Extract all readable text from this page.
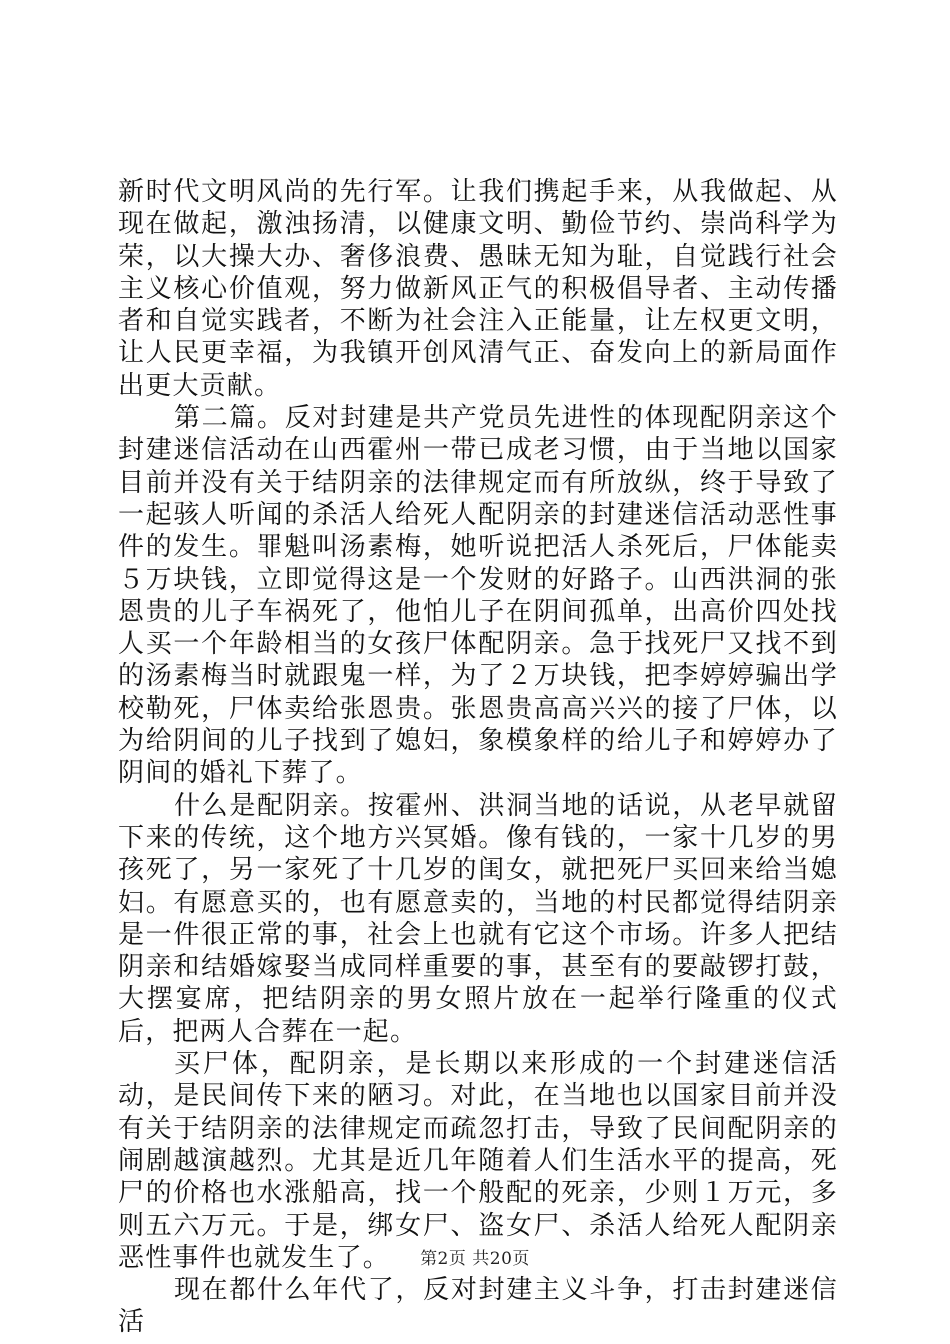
新时代文明风尚的先行军。让我们携起手来，从我做起、从现在做起，激浊扬清，以健康文明、勤俭节约、崇尚科学为荣，以大操大办、奢侈浪费、愚昧无知为耻，自觉践行社会主义核心价值观，努力做新风正气的积极倡导者、主动传播者和自觉实践者，不断为社会注入正能量，让左权更文明，让人民更幸福，为我镇开创风清气正、奋发向上的新局面作出更大贡献。

第二篇。反对封建是共产党员先进性的体现配阴亲这个封建迷信活动在山西霍州一带已成老习惯，由于当地以国家目前并没有关于结阴亲的法律规定而有所放纵，终于导致了一起骇人听闻的杀活人给死人配阴亲的封建迷信活动恶性事件的发生。罪魁叫汤素梅，她听说把活人杀死后，尸体能卖５万块钱，立即觉得这是一个发财的好路子。山西洪洞的张恩贵的儿子车祸死了，他怕儿子在阴间孤单，出高价四处找人买一个年龄相当的女孩尸体配阴亲。急于找死尸又找不到的汤素梅当时就跟鬼一样，为了２万块钱，把李婷婷骗出学校勒死，尸体卖给张恩贵。张恩贵高高兴兴的接了尸体，以为给阴间的儿子找到了媳妇，象模象样的给儿子和婷婷办了阴间的婚礼下葬了。

什么是配阴亲。按霍州、洪洞当地的话说，从老早就留下来的传统，这个地方兴冥婚。像有钱的，一家十几岁的男孩死了，另一家死了十几岁的闺女，就把死尸买回来给当媳妇。有愿意买的，也有愿意卖的，当地的村民都觉得结阴亲是一件很正常的事，社会上也就有它这个市场。许多人把结阴亲和结婚嫁娶当成同样重要的事，甚至有的要敲锣打鼓，大摆宴席，把结阴亲的男女照片放在一起举行隆重的仪式后，把两人合葬在一起。

买尸体，配阴亲，是长期以来形成的一个封建迷信活动，是民间传下来的陋习。对此，在当地也以国家目前并没有关于结阴亲的法律规定而疏忽打击，导致了民间配阴亲的闹剧越演越烈。尤其是近几年随着人们生活水平的提高，死尸的价格也水涨船高，找一个般配的死亲，少则１万元，多则五六万元。于是，绑女尸、盗女尸、杀活人给死人配阴亲恶性事件也就发生了。

现在都什么年代了，反对封建主义斗争，打击封建迷信活

第2页 共20页
